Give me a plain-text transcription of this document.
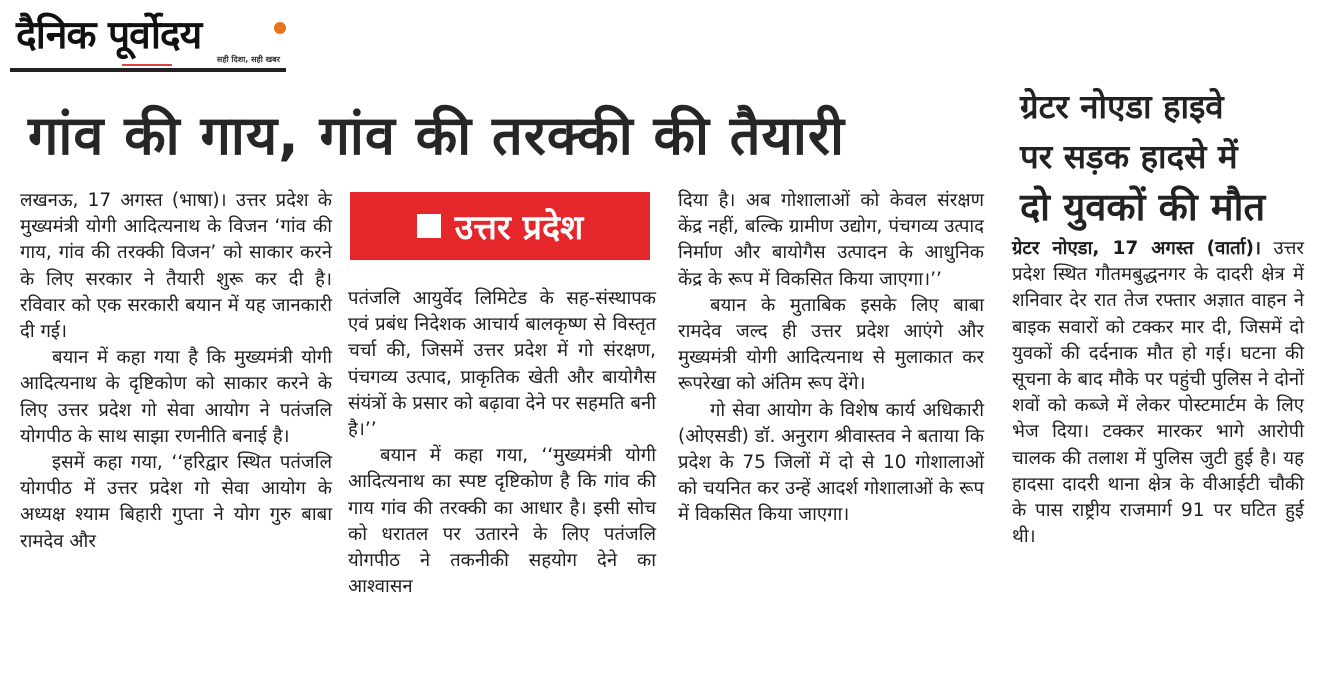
दैनिक पूर्वोदय
सही दिशा, सही खबर
गांव की गाय, गांव की तरक्की की तैयारी

लखनऊ, 17 अगस्त (भाषा)। उत्तर प्रदेश के मुख्यमंत्री योगी आदित्यनाथ के विजन ‘गांव की गाय, गांव की तरक्की विजन’ को साकार करने के लिए सरकार ने तैयारी शुरू कर दी है। रविवार को एक सरकारी बयान में यह जानकारी दी गई।

बयान में कहा गया है कि मुख्यमंत्री योगी आदित्यनाथ के दृष्टिकोण को साकार करने के लिए उत्तर प्रदेश गो सेवा आयोग ने पतंजलि योगपीठ के साथ साझा रणनीति बनाई है।

इसमें कहा गया, ‘‘हरिद्वार स्थित पतंजलि योगपीठ में उत्तर प्रदेश गो सेवा आयोग के अध्यक्ष श्याम बिहारी गुप्ता ने योग गुरु बाबा रामदेव और

उत्तर प्रदेश

पतंजलि आयुर्वेद लिमिटेड के सह-संस्थापक एवं प्रबंध निदेशक आचार्य बालकृष्ण से विस्तृत चर्चा की, जिसमें उत्तर प्रदेश में गो संरक्षण, पंचगव्य उत्पाद, प्राकृतिक खेती और बायोगैस संयंत्रों के प्रसार को बढ़ावा देने पर सहमति बनी है।’’

बयान में कहा गया, ‘‘मुख्यमंत्री योगी आदित्यनाथ का स्पष्ट दृष्टिकोण है कि गांव की गाय गांव की तरक्की का आधार है। इसी सोच को धरातल पर उतारने के लिए पतंजलि योगपीठ ने तकनीकी सहयोग देने का आश्वासन

दिया है। अब गोशालाओं को केवल संरक्षण केंद्र नहीं, बल्कि ग्रामीण उद्योग, पंचगव्य उत्पाद निर्माण और बायोगैस उत्पादन के आधुनिक केंद्र के रूप में विकसित किया जाएगा।’’

बयान के मुताबिक इसके लिए बाबा रामदेव जल्द ही उत्तर प्रदेश आएंगे और मुख्यमंत्री योगी आदित्यनाथ से मुलाकात कर रूपरेखा को अंतिम रूप देंगे।

गो सेवा आयोग के विशेष कार्य अधिकारी (ओएसडी) डॉ. अनुराग श्रीवास्तव ने बताया कि प्रदेश के 75 जिलों में दो से 10 गोशालाओं को चयनित कर उन्हें आदर्श गोशालाओं के रूप में विकसित किया जाएगा।

ग्रेटर नोएडा हाइवे
पर सड़क हादसे में
दो युवकों की मौत

ग्रेटर नोएडा, 17 अगस्त (वार्ता)। उत्तर प्रदेश स्थित गौतमबुद्धनगर के दादरी क्षेत्र में शनिवार देर रात तेज रफ्तार अज्ञात वाहन ने बाइक सवारों को टक्कर मार दी, जिसमें दो युवकों की दर्दनाक मौत हो गई। घटना की सूचना के बाद मौके पर पहुंची पुलिस ने दोनों शवों को कब्जे में लेकर पोस्टमार्टम के लिए भेज दिया। टक्कर मारकर भागे आरोपी चालक की तलाश में पुलिस जुटी हुई है। यह हादसा दादरी थाना क्षेत्र के वीआईटी चौकी के पास राष्ट्रीय राजमार्ग 91 पर घटित हुई थी।
